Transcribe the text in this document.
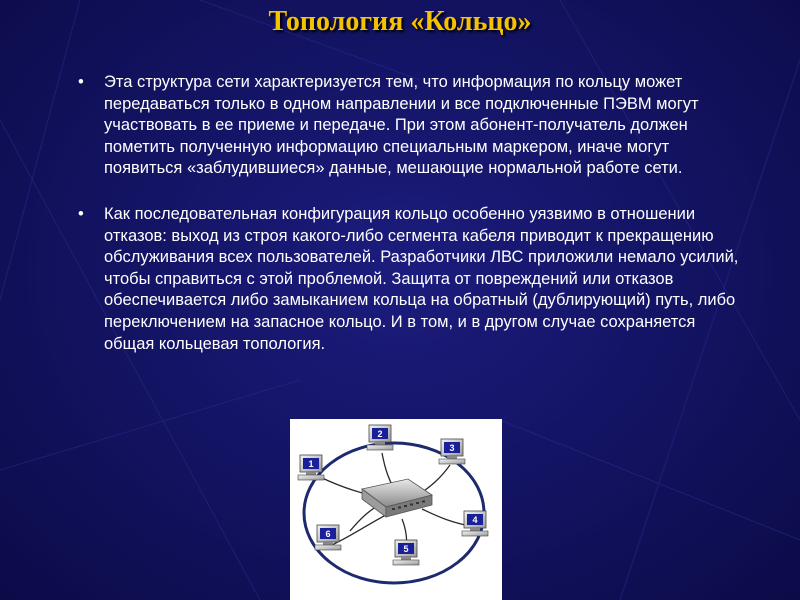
Топология «Кольцо»
• Эта структура сети характеризуется тем, что информация по кольцу может передаваться только в одном направлении и все подключенные ПЭВМ могут участвовать в ее приеме и передаче. При этом абонент-получатель должен пометить полученную информацию специальным маркером, иначе могут появиться «заблудившиеся» данные, мешающие нормальной работе сети.
• Как последовательная конфигурация кольцо особенно уязвимо в отношении отказов: выход из строя какого-либо сегмента кабеля приводит к прекращению обслуживания всех пользователей. Разработчики ЛВС приложили немало усилий, чтобы справиться с этой проблемой. Защита от повреждений или отказов обеспечивается либо замыканием кольца на обратный (дублирующий) путь, либо переключением на запасное кольцо. И в том, и в другом случае сохраняется общая кольцевая топология.
1
2
3
4
5
6
